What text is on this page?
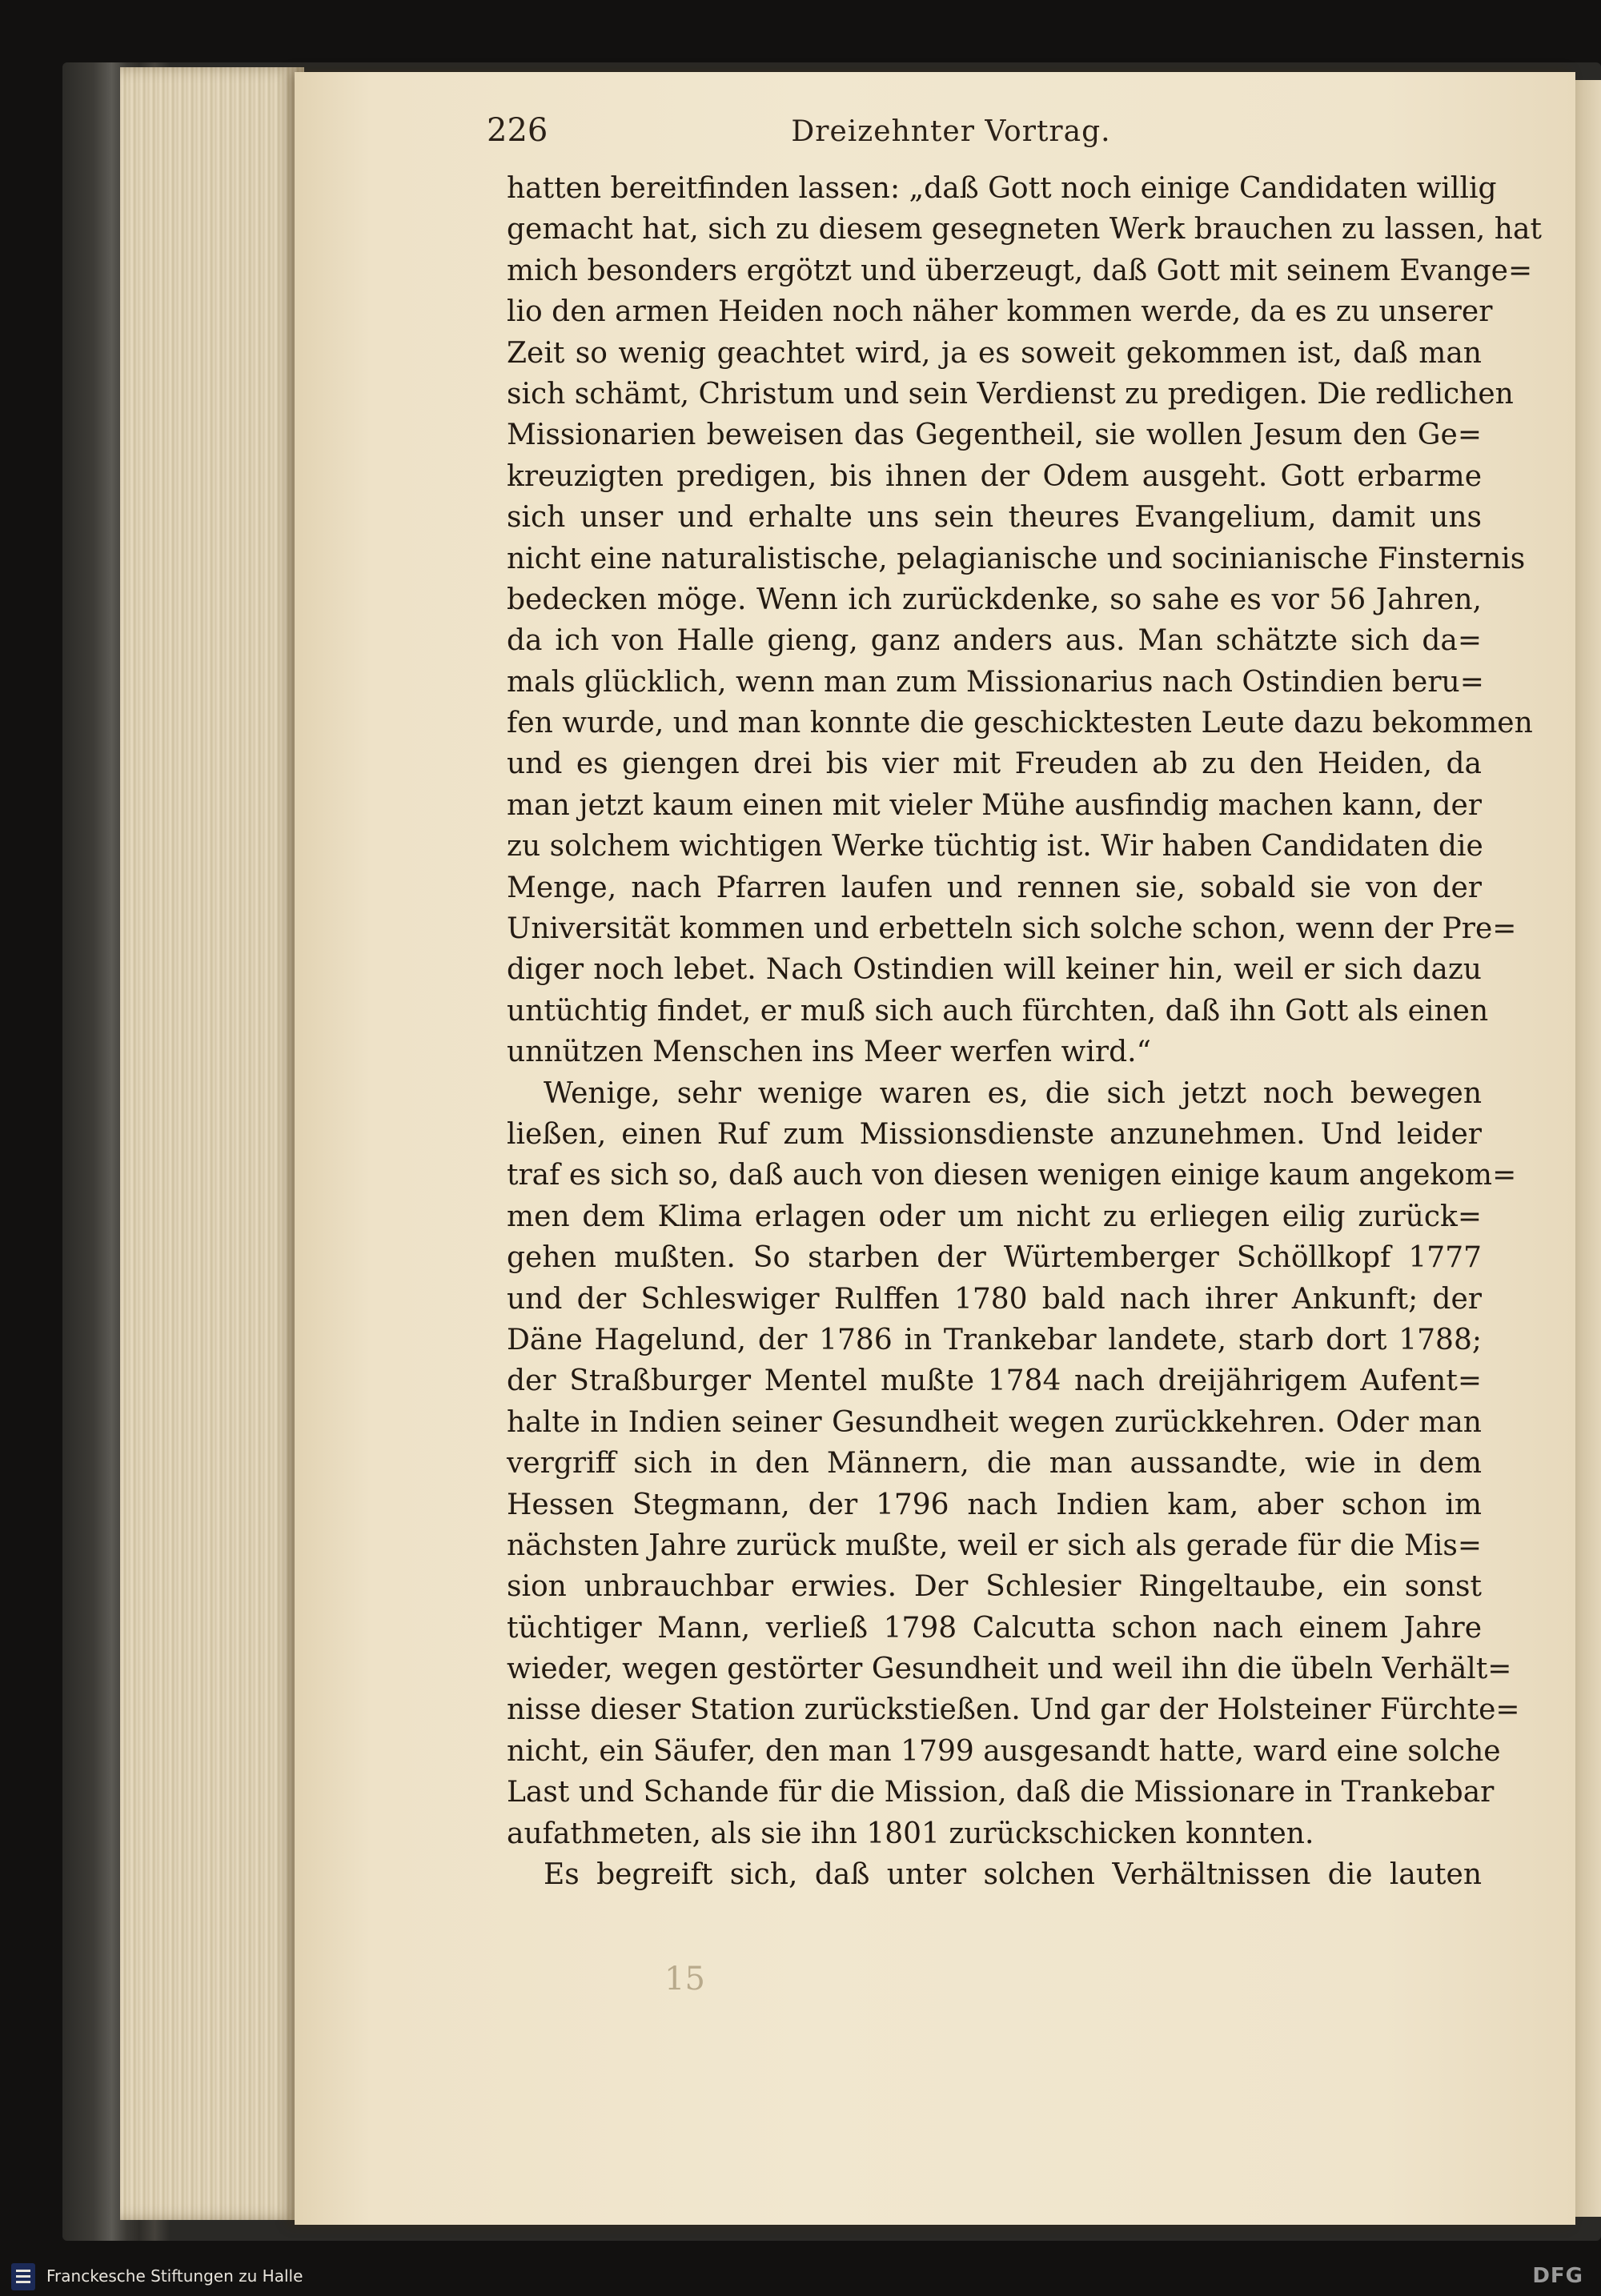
226	Dreizehnter Vortrag.
hatten bereitfinden lassen: „daß Gott noch einige Candidaten willig
gemacht hat, sich zu diesem gesegneten Werk brauchen zu lassen, hat
mich besonders ergötzt und überzeugt, daß Gott mit seinem Evange=
lio den armen Heiden noch näher kommen werde, da es zu unserer
Zeit so wenig geachtet wird, ja es soweit gekommen ist, daß man
sich schämt, Christum und sein Verdienst zu predigen. Die redlichen
Missionarien beweisen das Gegentheil, sie wollen Jesum den Ge=
kreuzigten predigen, bis ihnen der Odem ausgeht. Gott erbarme
sich unser und erhalte uns sein theures Evangelium, damit uns
nicht eine naturalistische, pelagianische und socinianische Finsternis
bedecken möge. Wenn ich zurückdenke, so sahe es vor 56 Jahren,
da ich von Halle gieng, ganz anders aus. Man schätzte sich da=
mals glücklich, wenn man zum Missionarius nach Ostindien beru=
fen wurde, und man konnte die geschicktesten Leute dazu bekommen
und es giengen drei bis vier mit Freuden ab zu den Heiden, da
man jetzt kaum einen mit vieler Mühe ausfindig machen kann, der
zu solchem wichtigen Werke tüchtig ist. Wir haben Candidaten die
Menge, nach Pfarren laufen und rennen sie, sobald sie von der
Universität kommen und erbetteln sich solche schon, wenn der Pre=
diger noch lebet. Nach Ostindien will keiner hin, weil er sich dazu
untüchtig findet, er muß sich auch fürchten, daß ihn Gott als einen
unnützen Menschen ins Meer werfen wird.“
Wenige, sehr wenige waren es, die sich jetzt noch bewegen
ließen, einen Ruf zum Missionsdienste anzunehmen. Und leider
traf es sich so, daß auch von diesen wenigen einige kaum angekom=
men dem Klima erlagen oder um nicht zu erliegen eilig zurück=
gehen mußten. So starben der Würtemberger Schöllkopf 1777
und der Schleswiger Rulffen 1780 bald nach ihrer Ankunft; der
Däne Hagelund, der 1786 in Trankebar landete, starb dort 1788;
der Straßburger Mentel mußte 1784 nach dreijährigem Aufent=
halte in Indien seiner Gesundheit wegen zurückkehren. Oder man
vergriff sich in den Männern, die man aussandte, wie in dem
Hessen Stegmann, der 1796 nach Indien kam, aber schon im
nächsten Jahre zurück mußte, weil er sich als gerade für die Mis=
sion unbrauchbar erwies. Der Schlesier Ringeltaube, ein sonst
tüchtiger Mann, verließ 1798 Calcutta schon nach einem Jahre
wieder, wegen gestörter Gesundheit und weil ihn die übeln Verhält=
nisse dieser Station zurückstießen. Und gar der Holsteiner Fürchte=
nicht, ein Säufer, den man 1799 ausgesandt hatte, ward eine solche
Last und Schande für die Mission, daß die Missionare in Trankebar
aufathmeten, als sie ihn 1801 zurückschicken konnten.
Es begreift sich, daß unter solchen Verhältnissen die lauten
15
Franckesche Stiftungen zu Halle	DFG
